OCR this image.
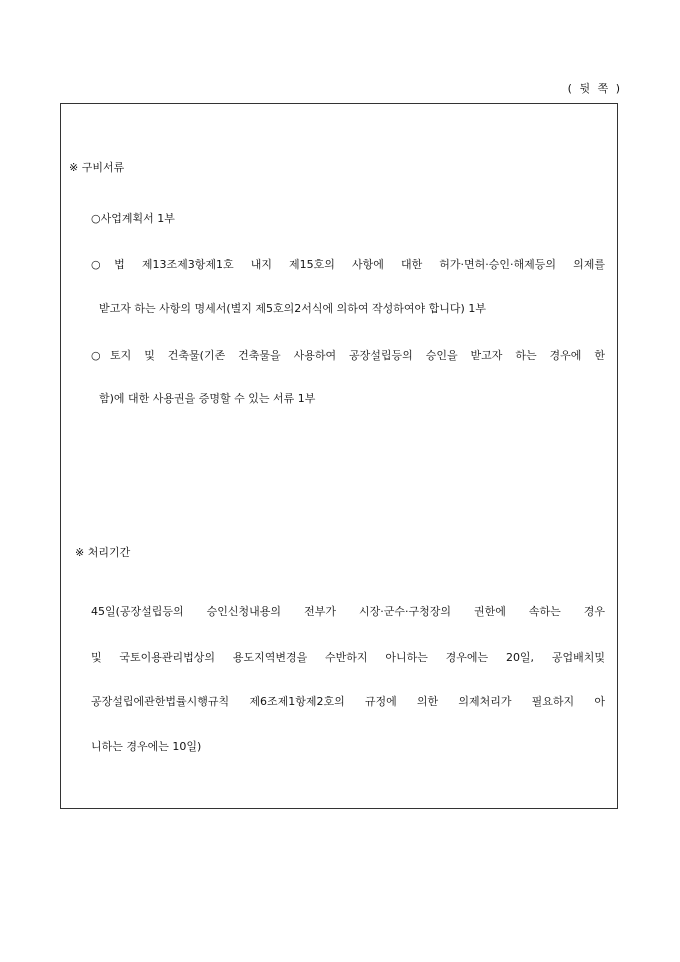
( 뒷 쪽 )
※ 구비서류
○사업계획서 1부
○법 제13조제3항제1호 내지 제15호의 사항에 대한 허가·면허·승인·해제등의 의제를
받고자 하는 사항의 명세서(별지 제5호의2서식에 의하여 작성하여야 합니다) 1부
○토지 및 건축물(기존 건축물을 사용하여 공장설립등의 승인을 받고자 하는 경우에 한
함)에 대한 사용권을 증명할 수 있는 서류 1부
※ 처리기간
45일(공장설립등의 승인신청내용의 전부가 시장·군수·구청장의 권한에 속하는 경우
및 국토이용관리법상의 용도지역변경을 수반하지 아니하는 경우에는 20일, 공업배치및
공장설립에관한법률시행규칙 제6조제1항제2호의 규정에 의한 의제처리가 필요하지 아
니하는 경우에는 10일)
